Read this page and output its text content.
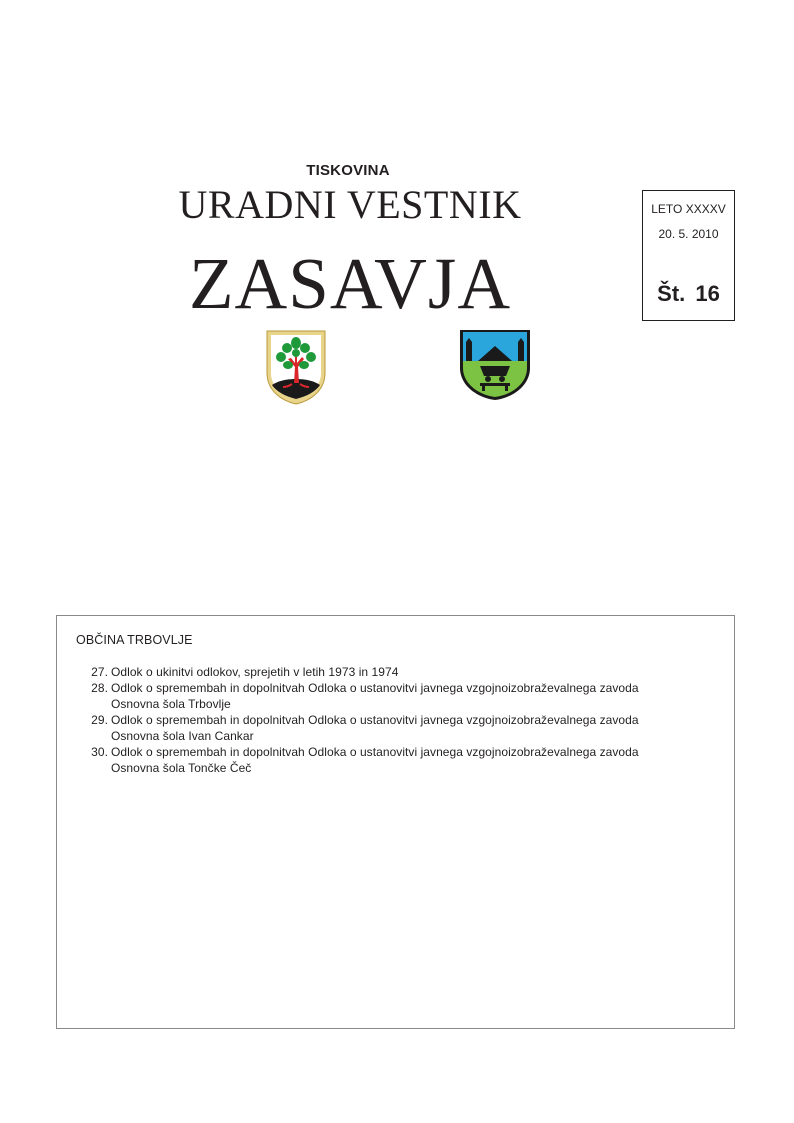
TISKOVINA
URADNI VESTNIK
ZASAVJA
LETO XXXXV
20. 5. 2010
Št. 16
OBČINA TRBOVLJE
27. Odlok o ukinitvi odlokov, sprejetih v letih 1973 in 1974
28. Odlok o spremembah in dopolnitvah Odloka o ustanovitvi javnega vzgojnoizobraževalnega zavoda
Osnovna šola Trbovlje
29. Odlok o spremembah in dopolnitvah Odloka o ustanovitvi javnega vzgojnoizobraževalnega zavoda
Osnovna šola Ivan Cankar
30. Odlok o spremembah in dopolnitvah Odloka o ustanovitvi javnega vzgojnoizobraževalnega zavoda
Osnovna šola Tončke Čeč
